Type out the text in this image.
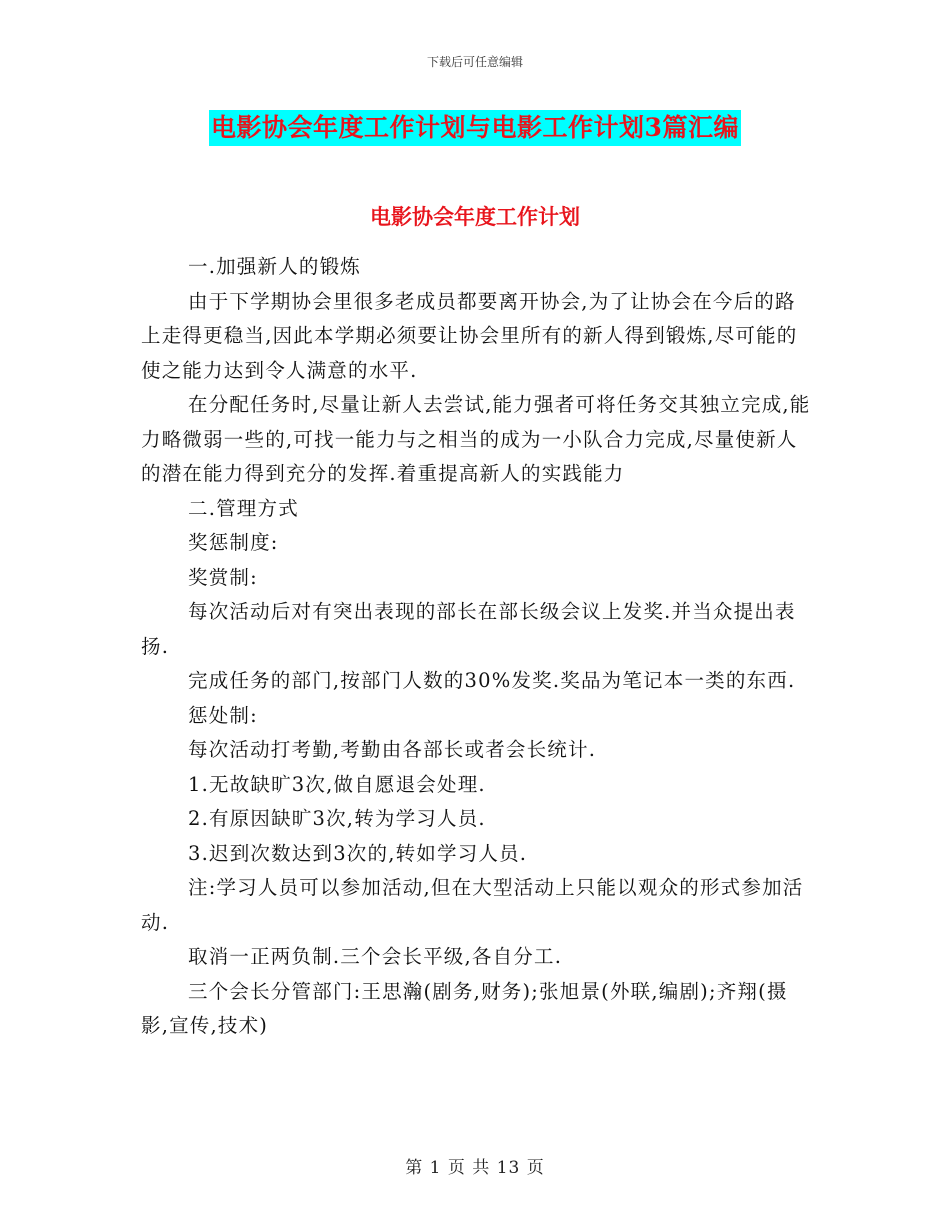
下载后可任意编辑
电影协会年度工作计划与电影工作计划3篇汇编
电影协会年度工作计划

一.加强新人的锻炼

由于下学期协会里很多老成员都要离开协会,为了让协会在今后的路上走得更稳当,因此本学期必须要让协会里所有的新人得到锻炼,尽可能的使之能力达到令人满意的水平.

在分配任务时,尽量让新人去尝试,能力强者可将任务交其独立完成,能力略微弱一些的,可找一能力与之相当的成为一小队合力完成,尽量使新人的潜在能力得到充分的发挥.着重提高新人的实践能力

二.管理方式

奖惩制度:

奖赏制:

每次活动后对有突出表现的部长在部长级会议上发奖.并当众提出表扬.

完成任务的部门,按部门人数的30%发奖.奖品为笔记本一类的东西.

惩处制:

每次活动打考勤,考勤由各部长或者会长统计.

1.无故缺旷3次,做自愿退会处理.

2.有原因缺旷3次,转为学习人员.

3.迟到次数达到3次的,转如学习人员.

注:学习人员可以参加活动,但在大型活动上只能以观众的形式参加活动.

取消一正两负制.三个会长平级,各自分工.

三个会长分管部门:王思瀚(剧务,财务);张旭景(外联,编剧);齐翔(摄影,宣传,技术)

第 1 页 共 13 页
